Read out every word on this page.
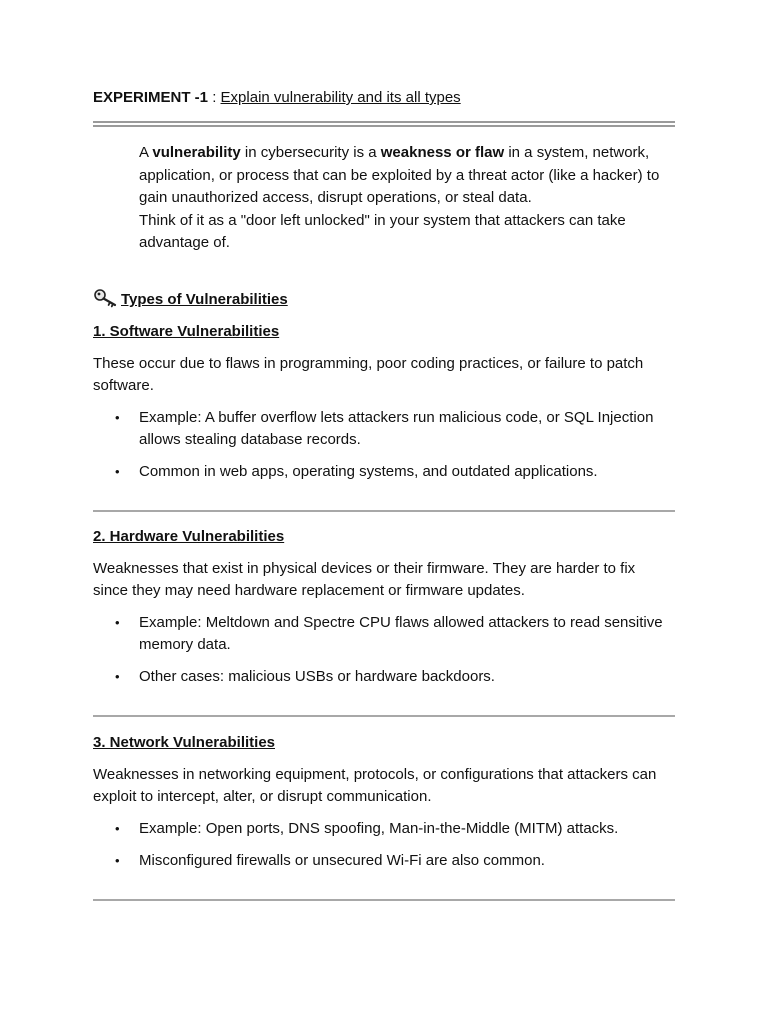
EXPERIMENT -1 : Explain vulnerability and its all types
A vulnerability in cybersecurity is a weakness or flaw in a system, network, application, or process that can be exploited by a threat actor (like a hacker) to gain unauthorized access, disrupt operations, or steal data.
Think of it as a "door left unlocked" in your system that attackers can take advantage of.
Types of Vulnerabilities
1. Software Vulnerabilities

These occur due to flaws in programming, poor coding practices, or failure to patch software.

• Example: A buffer overflow lets attackers run malicious code, or SQL Injection allows stealing database records.
• Common in web apps, operating systems, and outdated applications.
2. Hardware Vulnerabilities

Weaknesses that exist in physical devices or their firmware. They are harder to fix since they may need hardware replacement or firmware updates.

• Example: Meltdown and Spectre CPU flaws allowed attackers to read sensitive memory data.
• Other cases: malicious USBs or hardware backdoors.
3. Network Vulnerabilities

Weaknesses in networking equipment, protocols, or configurations that attackers can exploit to intercept, alter, or disrupt communication.

• Example: Open ports, DNS spoofing, Man-in-the-Middle (MITM) attacks.
• Misconfigured firewalls or unsecured Wi-Fi are also common.
